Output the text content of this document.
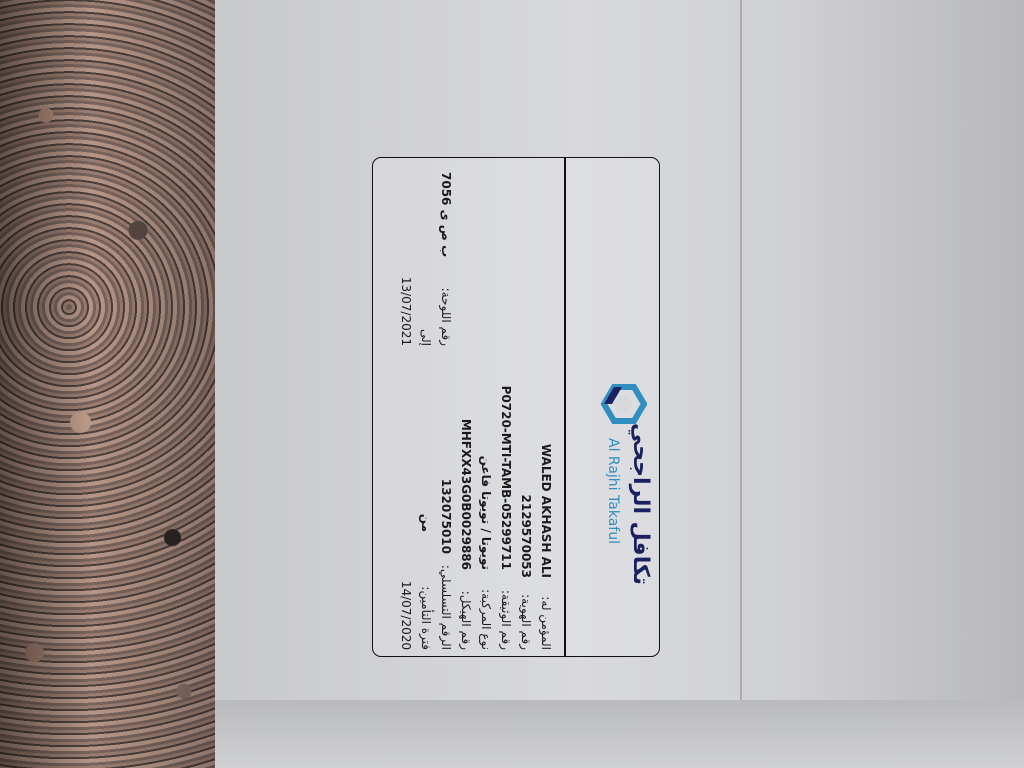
تكافل الراجحي
Al Rajhi Takaful
المؤمن له:
WALED AKHASH ALI
رقم الهوية:
2129570053
رقم الوثيقة:
P0720-MTI-TAMB-05299711
نوع المركبة:
تويوتا / تويوتا فاعن
رقم الهيكل:
MHFXX43G0B0029886
الرقم التسلسلي:
132075010
رقم اللوحة:
ب ص ى 7056
فترة التأمين:
من
إلى
14/07/2020
13/07/2021
